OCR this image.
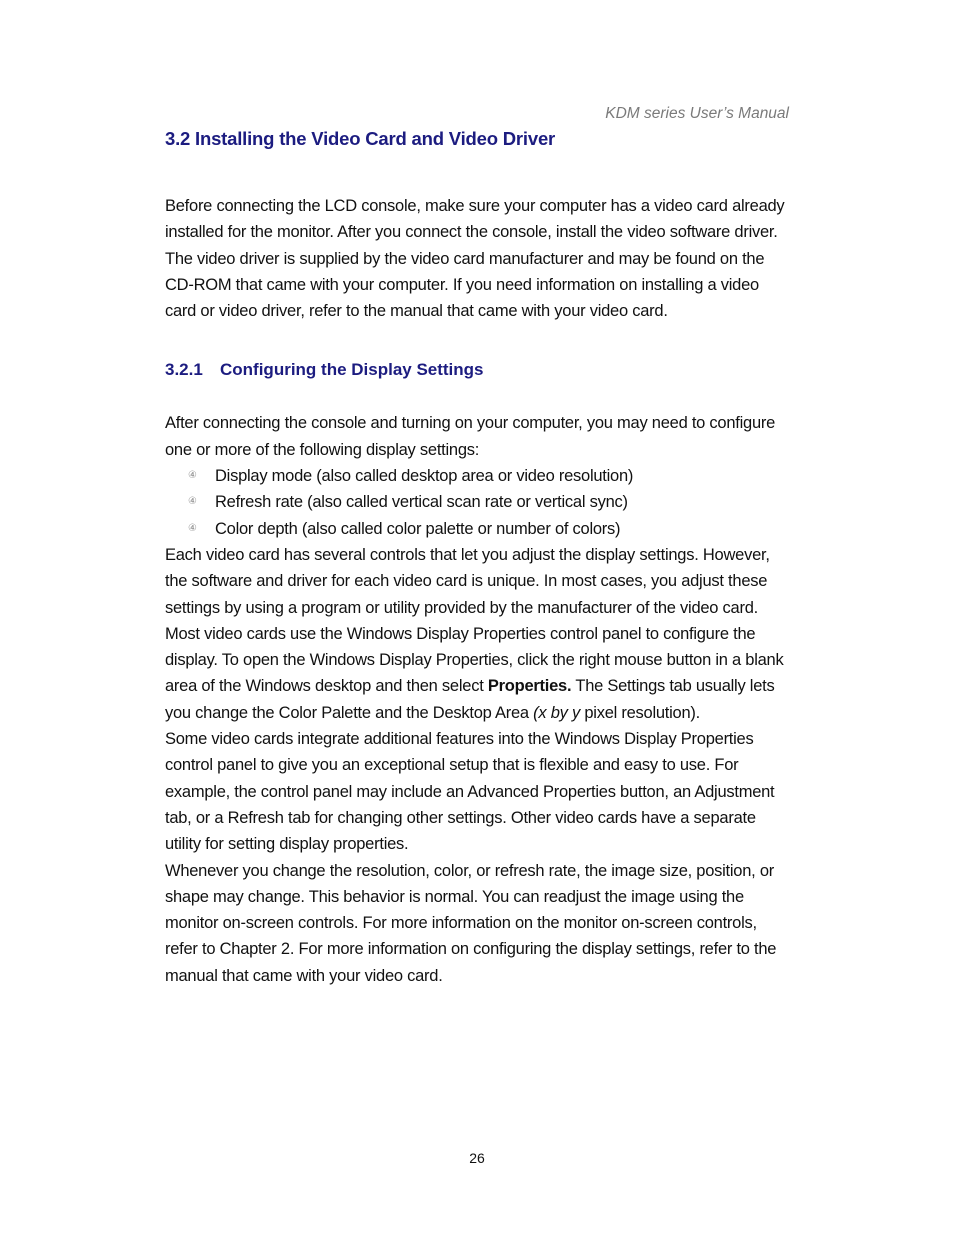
KDM series User’s Manual
3.2 Installing the Video Card and Video Driver

Before connecting the LCD console, make sure your computer has a video card already installed for the monitor. After you connect the console, install the video software driver. The video driver is supplied by the video card manufacturer and may be found on the CD-ROM that came with your computer. If you need information on installing a video card or video driver, refer to the manual that came with your video card.

3.2.1 Configuring the Display Settings

After connecting the console and turning on your computer, you may need to configure one or more of the following display settings:

④ Display mode (also called desktop area or video resolution)
④ Refresh rate (also called vertical scan rate or vertical sync)
④ Color depth (also called color palette or number of colors)

Each video card has several controls that let you adjust the display settings. However, the software and driver for each video card is unique. In most cases, you adjust these settings by using a program or utility provided by the manufacturer of the video card. Most video cards use the Windows Display Properties control panel to configure the display. To open the Windows Display Properties, click the right mouse button in a blank area of the Windows desktop and then select Properties. The Settings tab usually lets you change the Color Palette and the Desktop Area (x by y pixel resolution).

Some video cards integrate additional features into the Windows Display Properties control panel to give you an exceptional setup that is flexible and easy to use. For example, the control panel may include an Advanced Properties button, an Adjustment tab, or a Refresh tab for changing other settings. Other video cards have a separate utility for setting display properties.

Whenever you change the resolution, color, or refresh rate, the image size, position, or shape may change. This behavior is normal. You can readjust the image using the monitor on-screen controls. For more information on the monitor on-screen controls, refer to Chapter 2. For more information on configuring the display settings, refer to the manual that came with your video card.

26
